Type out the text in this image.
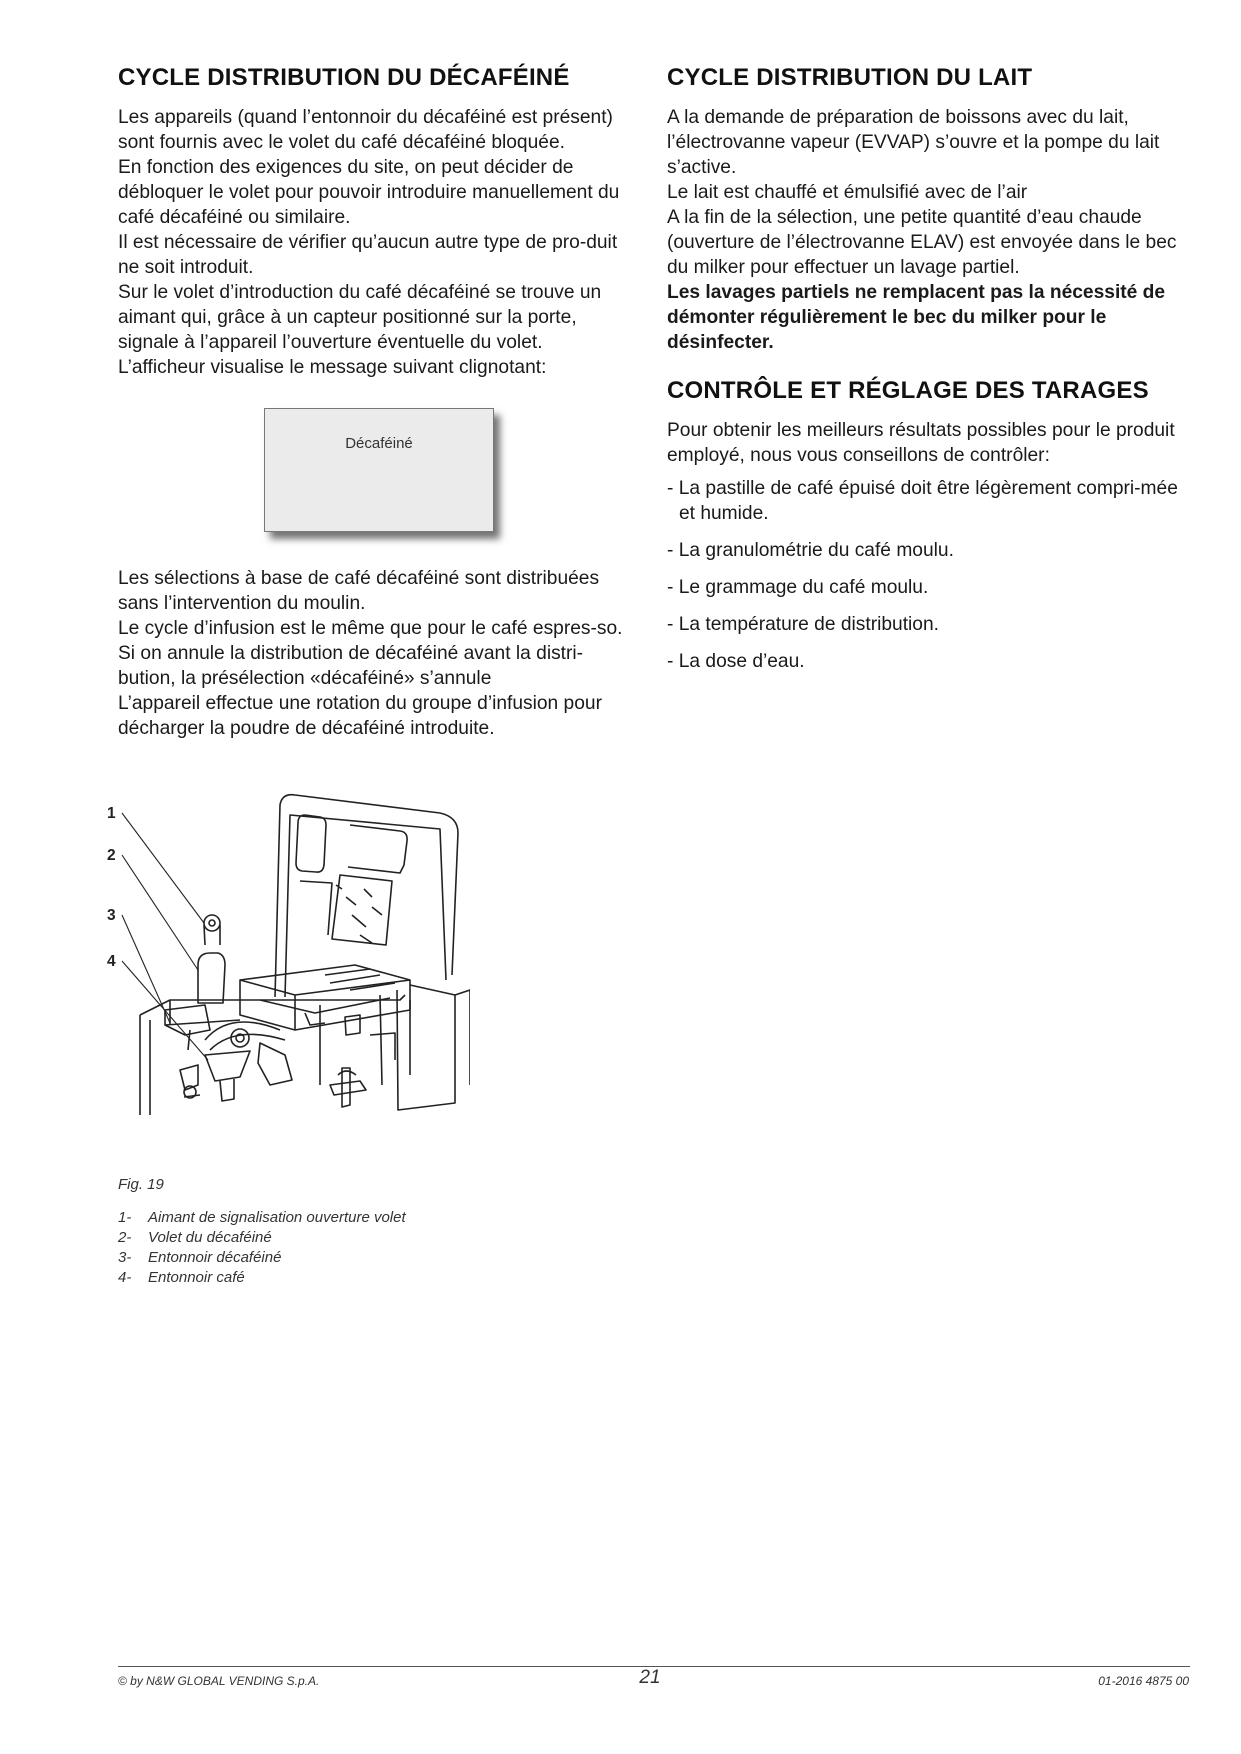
CYCLE DISTRIBUTION DU DÉCAFÉINÉ

Les appareils (quand l’entonnoir du décaféiné est présent) sont fournis avec le volet du café décaféiné bloquée.

En fonction des exigences du site, on peut décider de débloquer le volet pour pouvoir introduire manuellement du café décaféiné ou similaire.

Il est nécessaire de vérifier qu’aucun autre type de pro-duit ne soit introduit.

Sur le volet d’introduction du café décaféiné se trouve un aimant qui, grâce à un capteur positionné sur la porte, signale à l’appareil l’ouverture éventuelle du volet.

L’afficheur visualise le message suivant clignotant:

Décaféiné

Les sélections à base de café décaféiné sont distribuées sans l’intervention du moulin.

Le cycle d’infusion est le même que pour le café espres-so.

Si on annule la distribution de décaféiné avant la distri-bution, la présélection «décaféiné» s’annule

L’appareil effectue une rotation du groupe d’infusion pour décharger la poudre de décaféiné introduite.

CYCLE DISTRIBUTION DU LAIT

A la demande de préparation de boissons avec du lait, l’électrovanne vapeur (EVVAP) s’ouvre et la pompe du lait s’active.

Le lait est chauffé et émulsifié avec de l’air

A la fin de la sélection, une petite quantité d’eau chaude (ouverture de l’électrovanne ELAV) est envoyée dans le bec du milker pour effectuer un lavage partiel.

Les lavages partiels ne remplacent pas la nécessité de démonter régulièrement le bec du milker pour le désinfecter.

CONTRÔLE ET RÉGLAGE DES TARAGES

Pour obtenir les meilleurs résultats possibles pour le produit employé, nous vous conseillons de contrôler:

- La pastille de café épuisé doit être légèrement compri-mée et humide.
- La granulométrie du café moulu.
- Le grammage du café moulu.
- La température de distribution.
- La dose d’eau.
1
2
3
4
Fig. 19
1-	Aimant de signalisation ouverture volet
2-	Volet du décaféiné
3-	Entonnoir décaféiné
4-	Entonnoir café
© by N&W GLOBAL VENDING S.p.A.	21	01-2016 4875 00
